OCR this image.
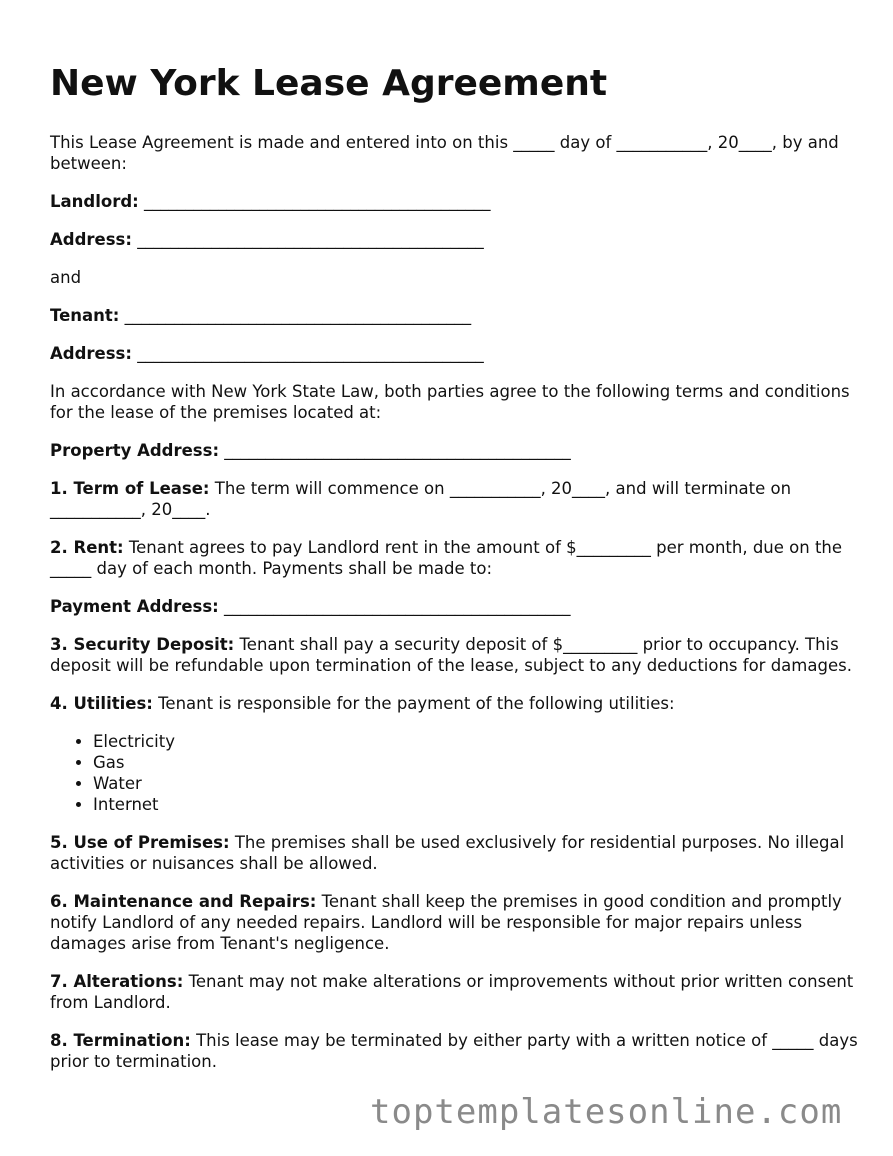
New York Lease Agreement

This Lease Agreement is made and entered into on this _____ day of ___________, 20____, by and between:

Landlord: __________________________________________

Address: __________________________________________

and

Tenant: __________________________________________

Address: __________________________________________

In accordance with New York State Law, both parties agree to the following terms and conditions for the lease of the premises located at:

Property Address: __________________________________________

1. Term of Lease: The term will commence on ___________, 20____, and will terminate on ___________, 20____.

2. Rent: Tenant agrees to pay Landlord rent in the amount of $_________ per month, due on the _____ day of each month. Payments shall be made to:

Payment Address: __________________________________________

3. Security Deposit: Tenant shall pay a security deposit of $_________ prior to occupancy. This deposit will be refundable upon termination of the lease, subject to any deductions for damages.

4. Utilities: Tenant is responsible for the payment of the following utilities:

• Electricity
• Gas
• Water
• Internet

5. Use of Premises: The premises shall be used exclusively for residential purposes. No illegal activities or nuisances shall be allowed.

6. Maintenance and Repairs: Tenant shall keep the premises in good condition and promptly notify Landlord of any needed repairs. Landlord will be responsible for major repairs unless damages arise from Tenant's negligence.

7. Alterations: Tenant may not make alterations or improvements without prior written consent from Landlord.

8. Termination: This lease may be terminated by either party with a written notice of _____ days prior to termination.

toptemplatesonline.com
